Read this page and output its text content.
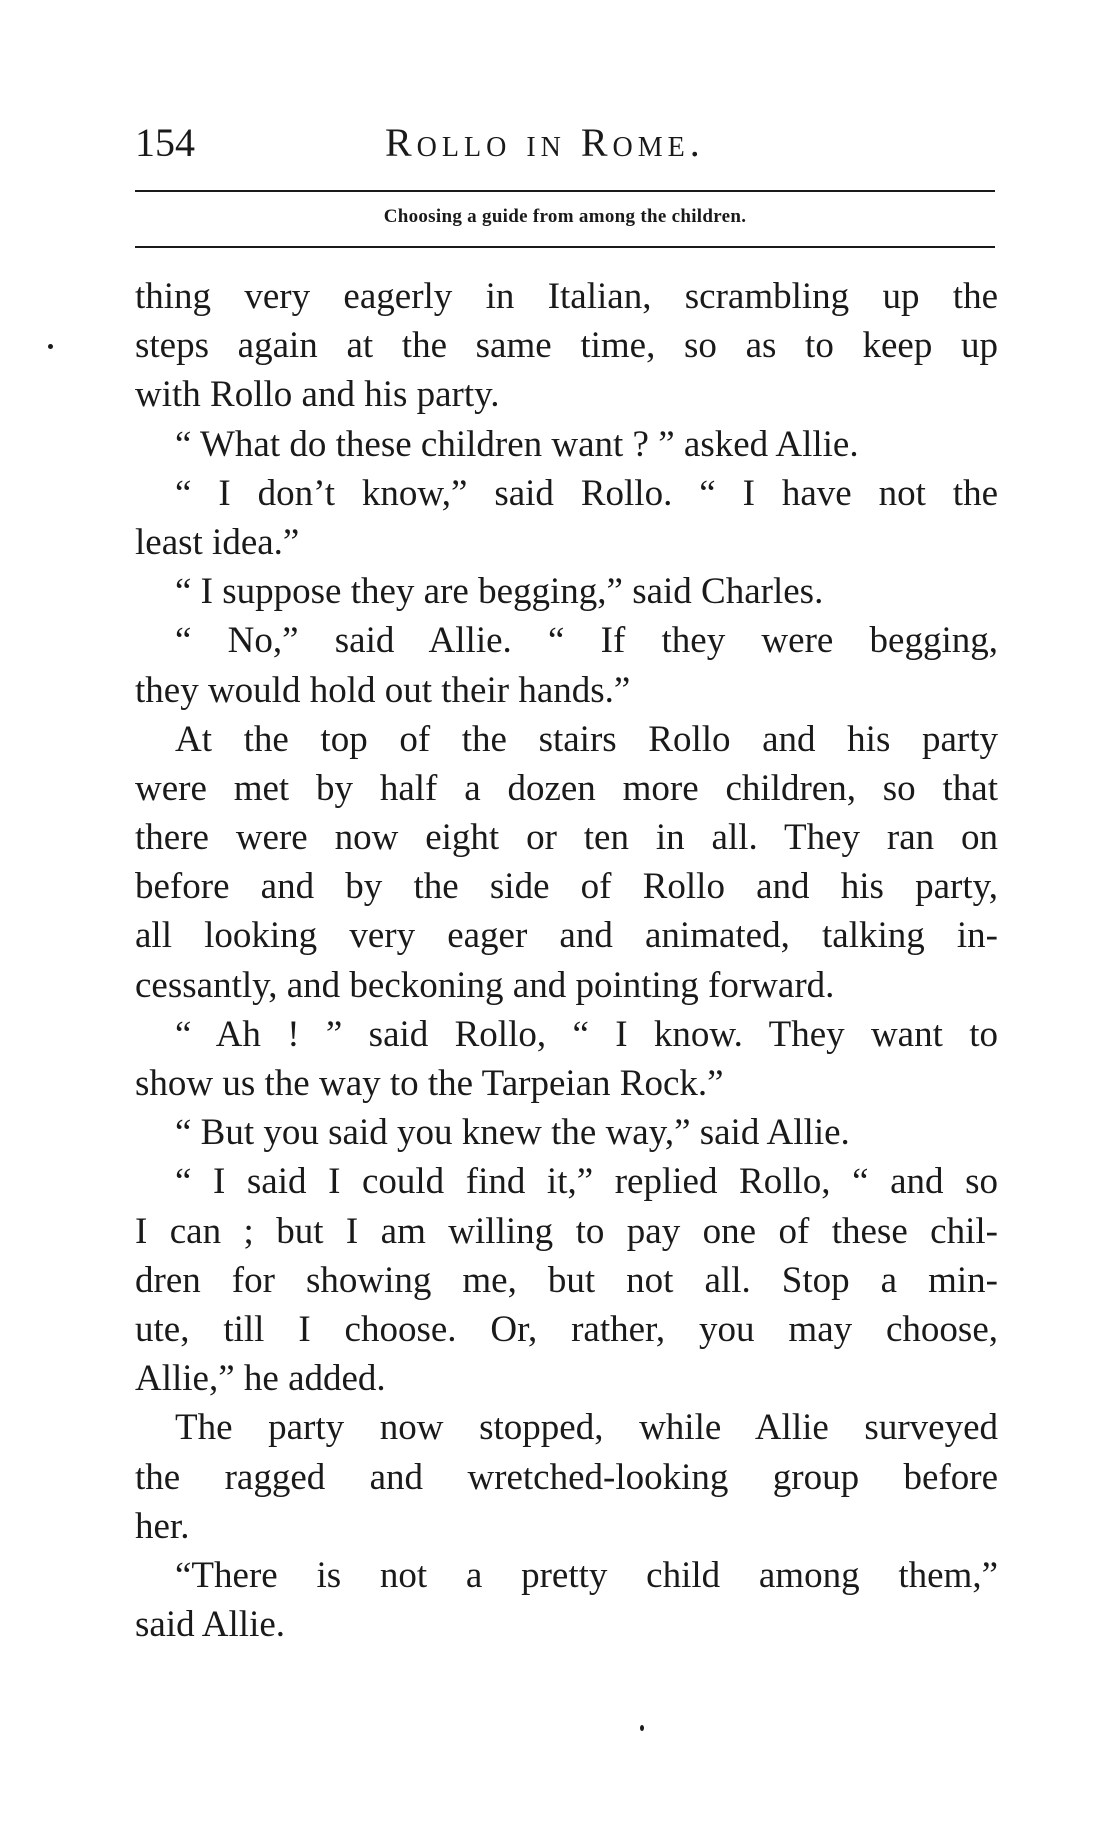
154	Rollo in Rome.
Choosing a guide from among the children.
thing very eagerly in Italian, scrambling up the
steps again at the same time, so as to keep up
with Rollo and his party.
“ What do these children want ? ” asked Allie.
“ I don’t know,” said Rollo. “ I have not the
least idea.”
“ I suppose they are begging,” said Charles.
“ No,” said Allie. “ If they were begging,
they would hold out their hands.”
At the top of the stairs Rollo and his party
were met by half a dozen more children, so that
there were now eight or ten in all. They ran on
before and by the side of Rollo and his party,
all looking very eager and animated, talking in-
cessantly, and beckoning and pointing forward.
“ Ah ! ” said Rollo, “ I know. They want to
show us the way to the Tarpeian Rock.”
“ But you said you knew the way,” said Allie.
“ I said I could find it,” replied Rollo, “ and so
I can ; but I am willing to pay one of these chil-
dren for showing me, but not all. Stop a min-
ute, till I choose. Or, rather, you may choose,
Allie,” he added.
The party now stopped, while Allie surveyed
the ragged and wretched-looking group before
her.
“There is not a pretty child among them,”
said Allie.
